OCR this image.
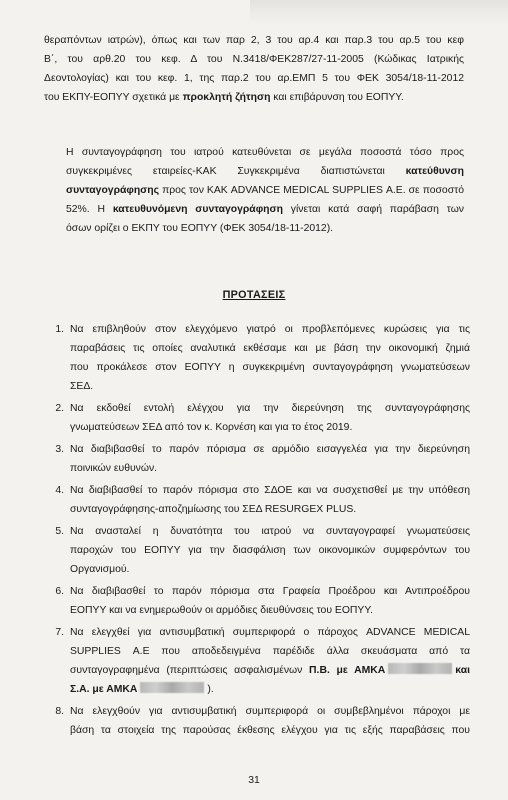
θεραπόντων ιατρών), όπως και των παρ 2, 3 του αρ.4 και παρ.3 του αρ.5 του κεφ
Β΄, του αρθ.20 του κεφ. Δ του Ν.3418/ΦΕΚ287/27-11-2005 (Κώδικας Ιατρικής
Δεοντολογίας) και του κεφ. 1, της παρ.2 του αρ.ΕΜΠ 5 του ΦΕΚ 3054/18-11-2012
του ΕΚΠΥ-ΕΟΠΥΥ σχετικά με προκλητή ζήτηση και επιβάρυνση του ΕΟΠΥΥ.
Η συνταγογράφηση του ιατρού κατευθύνεται σε μεγάλα ποσοστά τόσο προς
συγκεκριμένες εταιρείες-ΚΑΚ Συγκεκριμένα διαπιστώνεται κατεύθυνση
συνταγογράφησης προς τον ΚΑΚ ADVANCE MEDICAL SUPPLIES Α.Ε. σε ποσοστό
52%. Η κατευθυνόμενη συνταγογράφηση γίνεται κατά σαφή παράβαση των
όσων ορίζει ο ΕΚΠΥ του ΕΟΠΥΥ (ΦΕΚ 3054/18-11-2012).
ΠΡΟΤΑΣΕΙΣ
1. Να επιβληθούν στον ελεγχόμενο γιατρό οι προβλεπόμενες κυρώσεις για τις
παραβάσεις τις οποίες αναλυτικά εκθέσαμε και με βάση την οικονομική ζημιά
που προκάλεσε στον ΕΟΠΥΥ η συγκεκριμένη συνταγογράφηση γνωματεύσεων
ΣΕΔ.
2. Να εκδοθεί εντολή ελέγχου για την διερεύνηση της συνταγογράφησης
γνωματεύσεων ΣΕΔ από τον κ. Κορνέση και για το έτος 2019.
3. Να διαβιβασθεί το παρόν πόρισμα σε αρμόδιο εισαγγελέα για την διερεύνηση
ποινικών ευθυνών.
4. Να διαβιβασθεί το παρόν πόρισμα στο ΣΔΟΕ και να συσχετισθεί με την υπόθεση
συνταγογράφησης-αποζημίωσης του ΣΕΔ RESURGEX PLUS.
5. Να ανασταλεί η δυνατότητα του ιατρού να συνταγογραφεί γνωματεύσεις
παροχών του ΕΟΠΥΥ για την διασφάλιση των οικονομικών συμφερόντων του
Οργανισμού.
6. Να διαβιβασθεί το παρόν πόρισμα στα Γραφεία Προέδρου και Αντιπροέδρου
ΕΟΠΥΥ και να ενημερωθούν οι αρμόδιες διευθύνσεις του ΕΟΠΥΥ.
7. Να ελεγχθεί για αντισυμβατική συμπεριφορά ο πάροχος ADVANCE MEDICAL
SUPPLIES Α.Ε που αποδεδειγμένα παρέδιδε άλλα σκευάσματα από τα
συνταγογραφημένα (περιπτώσεις ασφαλισμένων Π.Β. με ΑΜΚΑ	και
Σ.Α. με ΑΜΚΑ	).
8. Να ελεγχθούν για αντισυμβατική συμπεριφορά οι συμβεβλημένοι πάροχοι με
βάση τα στοιχεία της παρούσας έκθεσης ελέγχου για τις εξής παραβάσεις που
31
